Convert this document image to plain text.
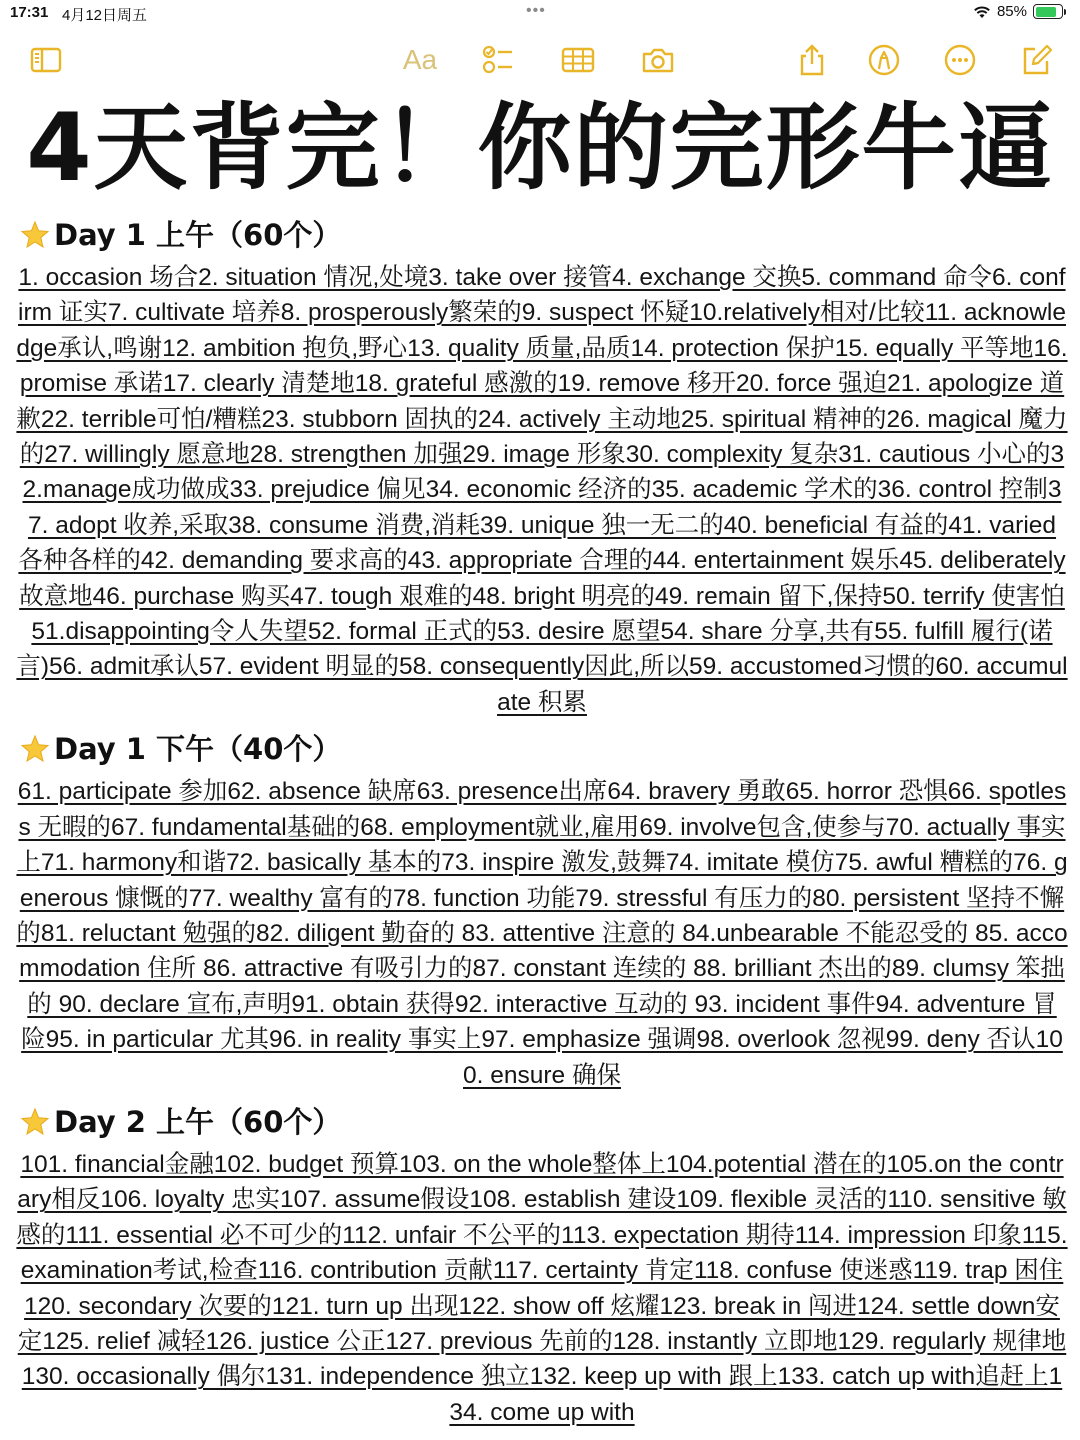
17:31 4月12日周五	•••	85%
Aa
4天背完！你的完形牛逼
Day 1 上午（60个）

1. occasion 场合2. situation 情况,处境3. take over 接管4. exchange 交换5. command 命令6. confirm 证实7. cultivate 培养8. prosperously繁荣的9. suspect 怀疑10.relatively相对/比较11. acknowledge承认,鸣谢12. ambition 抱负,野心13. quality 质量,品质14. protection 保护15. equally 平等地16. promise 承诺17. clearly 清楚地18. grateful 感激的19. remove 移开20. force 强迫21. apologize 道歉22. terrible可怕/糟糕23. stubborn 固执的24. actively 主动地25. spiritual 精神的26. magical 魔力的27. willingly 愿意地28. strengthen 加强29. image 形象30. complexity 复杂31. cautious 小心的32.manage成功做成33. prejudice 偏见34. economic 经济的35. academic 学术的36. control 控制37. adopt 收养,采取38. consume 消费,消耗39. unique 独一无二的40. beneficial 有益的41. varied各种各样的42. demanding 要求高的43. appropriate 合理的44. entertainment 娱乐45. deliberately 故意地46. purchase 购买47. tough 艰难的48. bright 明亮的49. remain 留下,保持50. terrify 使害怕51.disappointing令人失望52. formal 正式的53. desire 愿望54. share 分享,共有55. fulfill 履行(诺言)56. admit承认57. evident 明显的58. consequently因此,所以59. accustomed习惯的60. accumulate 积累

Day 1 下午（40个）

61. participate 参加62. absence 缺席63. presence出席64. bravery 勇敢65. horror 恐惧66. spotless 无暇的67. fundamental基础的68. employment就业,雇用69. involve包含,使参与70. actually 事实上71. harmony和谐72. basically 基本的73. inspire 激发,鼓舞74. imitate 模仿75. awful 糟糕的76. generous 慷慨的77. wealthy 富有的78. function 功能79. stressful 有压力的80. persistent 坚持不懈的81. reluctant 勉强的82. diligent 勤奋的 83. attentive 注意的 84.unbearable 不能忍受的 85. accommodation 住所 86. attractive 有吸引力的87. constant 连续的 88. brilliant 杰出的89. clumsy 笨拙的 90. declare 宣布,声明91. obtain 获得92. interactive 互动的 93. incident 事件94. adventure 冒险95. in particular 尤其96. in reality 事实上97. emphasize 强调98. overlook 忽视99. deny 否认100. ensure 确保

Day 2 上午（60个）

101. financial金融102. budget 预算103. on the whole整体上104.potential 潜在的105.on the contrary相反106. loyalty 忠实107. assume假设108. establish 建设109. flexible 灵活的110. sensitive 敏感的111. essential 必不可少的112. unfair 不公平的113. expectation 期待114. impression 印象115. examination考试,检查116. contribution 贡献117. certainty 肯定118. confuse 使迷惑119. trap 困住120. secondary 次要的121. turn up 出现122. show off 炫耀123. break in 闯进124. settle down安定125. relief 减轻126. justice 公正127. previous 先前的128. instantly 立即地129. regularly 规律地130. occasionally 偶尔131. independence 独立132. keep up with 跟上133. catch up with追赶上134. come up with
